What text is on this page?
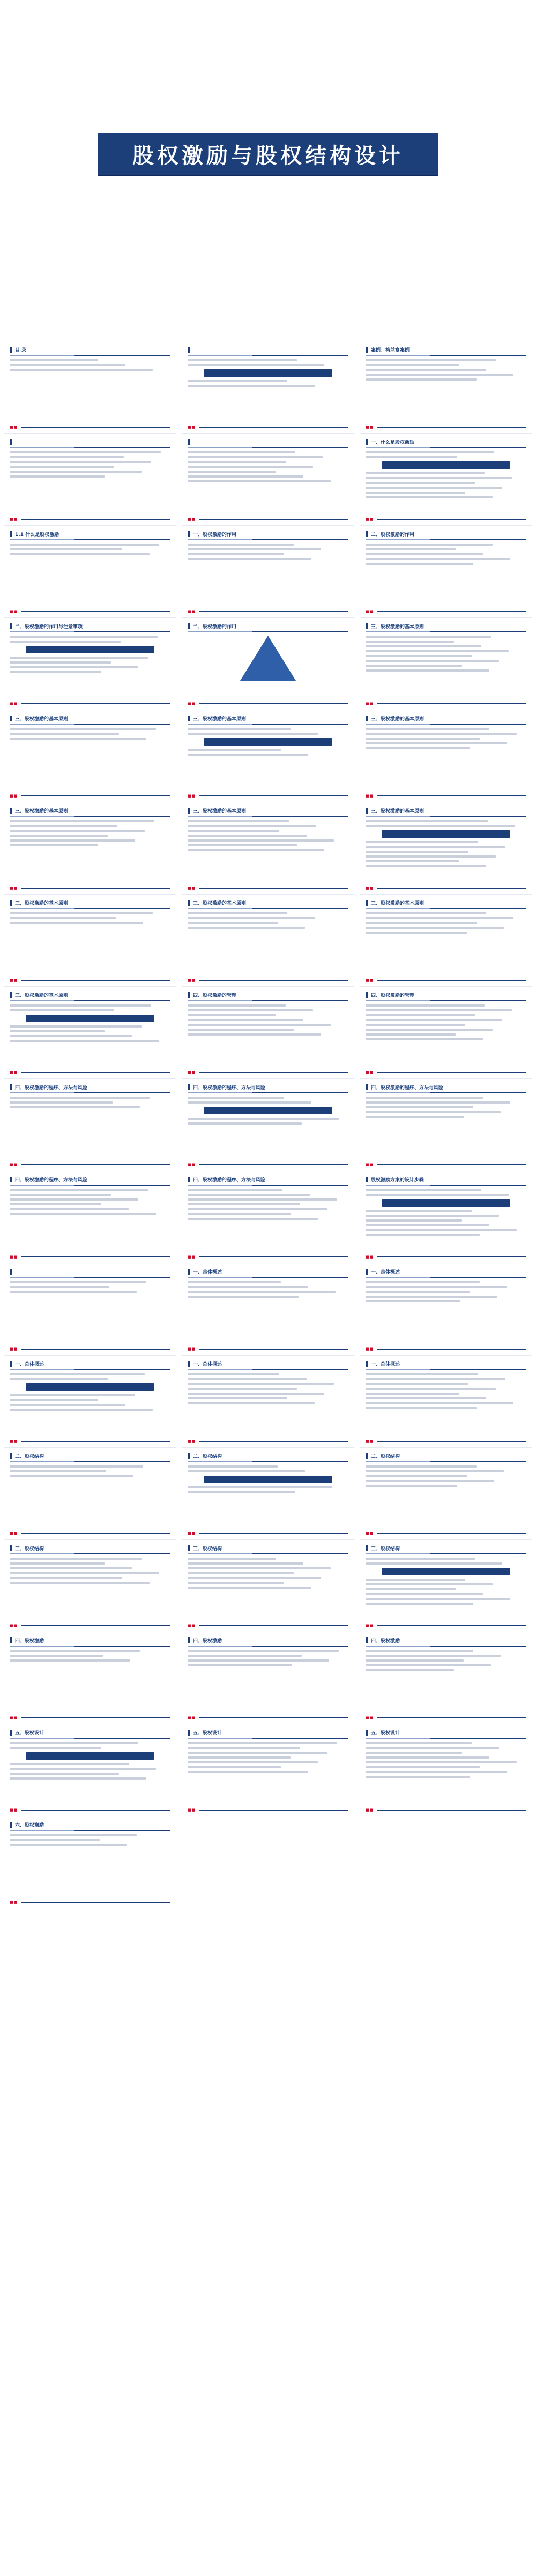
股权激励与股权结构设计
目 录
■■	■■
案例：格兰富案例
■■
■■	■■
一、什么是股权激励
■■
1.1 什么是股权激励
■■
一、股权激励的作用
■■
二、股权激励的作用
■■
二、股权激励的作用与注意事项
■■
二、股权激励的作用
■■
三、股权激励的基本原则
■■
三、股权激励的基本原则
■■
三、股权激励的基本原则
■■
三、股权激励的基本原则
■■
三、股权激励的基本原则
■■
三、股权激励的基本原则
■■
三、股权激励的基本原则
■■
三、股权激励的基本原则
■■
三、股权激励的基本原则
■■
三、股权激励的基本原则
■■
三、股权激励的基本原则
■■
四、股权激励的管理
■■
四、股权激励的管理
■■
四、股权激励的程序、方法与风险
■■
四、股权激励的程序、方法与风险
■■
四、股权激励的程序、方法与风险
■■
四、股权激励的程序、方法与风险
■■
四、股权激励的程序、方法与风险
■■
股权激励方案的设计步骤
■■
■■
一、总体概述
■■
一、总体概述
■■
一、总体概述
■■
一、总体概述
■■
一、总体概述
■■
二、股权结构
■■
二、股权结构
■■
二、股权结构
■■
三、股权结构
■■
三、股权结构
■■
三、股权结构
■■
四、股权激励
■■
四、股权激励
■■
四、股权激励
■■
五、股权设计
■■
五、股权设计
■■
五、股权设计
■■
六、股权激励
■■
